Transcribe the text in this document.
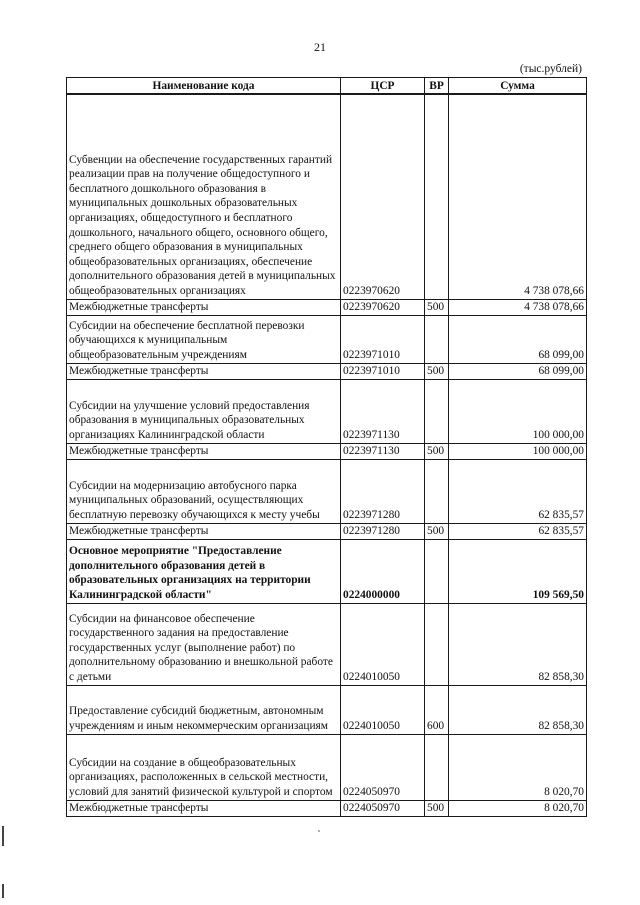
21
(тыс.рублей)
Наименование кода	ЦСР	ВР	Сумма
Субвенции на обеспечение государственных гарантий реализации прав на получение общедоступного и бесплатного дошкольного образования в муниципальных дошкольных образовательных организациях, общедоступного и бесплатного дошкольного, начального общего, основного общего, среднего общего образования в муниципальных общеобразовательных организациях, обеспечение дополнительного образования детей в муниципальных общеобразовательных организациях	0223970620		4 738 078,66
Межбюджетные трансферты	0223970620	500	4 738 078,66
Субсидии на обеспечение бесплатной перевозки обучающихся к муниципальным общеобразовательным учреждениям	0223971010		68 099,00
Межбюджетные трансферты	0223971010	500	68 099,00
Субсидии на улучшение условий предоставления образования в муниципальных образовательных организациях Калининградской области	0223971130		100 000,00
Межбюджетные трансферты	0223971130	500	100 000,00
Субсидии на модернизацию автобусного парка муниципальных образований, осуществляющих бесплатную перевозку обучающихся к месту учебы	0223971280		62 835,57
Межбюджетные трансферты	0223971280	500	62 835,57
Основное мероприятие "Предоставление дополнительного образования детей в образовательных организациях на территории Калининградской области"	0224000000		109 569,50
Субсидии на финансовое обеспечение государственного задания на предоставление государственных услуг (выполнение работ) по дополнительному образованию и внешкольной работе с детьми	0224010050		82 858,30
Предоставление субсидий бюджетным, автономным учреждениям и иным некоммерческим организациям	0224010050	600	82 858,30
Субсидии на создание в общеобразовательных организациях, расположенных в сельской местности, условий для занятий физической культурой и спортом	0224050970		8 020,70
Межбюджетные трансферты	0224050970	500	8 020,70
